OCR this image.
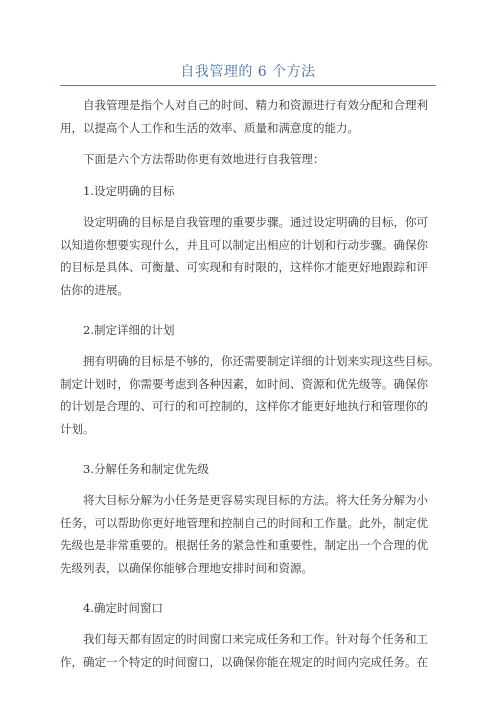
自我管理的 6 个方法
自我管理是指个人对自己的时间、精力和资源进行有效分配和合理利
用，以提高个人工作和生活的效率、质量和满意度的能力。
下面是六个方法帮助你更有效地进行自我管理：
1.设定明确的目标
设定明确的目标是自我管理的重要步骤。通过设定明确的目标，你可
以知道你想要实现什么，并且可以制定出相应的计划和行动步骤。确保你
的目标是具体、可衡量、可实现和有时限的，这样你才能更好地跟踪和评
估你的进展。
2.制定详细的计划
拥有明确的目标是不够的，你还需要制定详细的计划来实现这些目标。
制定计划时，你需要考虑到各种因素，如时间、资源和优先级等。确保你
的计划是合理的、可行的和可控制的，这样你才能更好地执行和管理你的
计划。
3.分解任务和制定优先级
将大目标分解为小任务是更容易实现目标的方法。将大任务分解为小
任务，可以帮助你更好地管理和控制自己的时间和工作量。此外，制定优
先级也是非常重要的。根据任务的紧急性和重要性，制定出一个合理的优
先级列表，以确保你能够合理地安排时间和资源。
4.确定时间窗口
我们每天都有固定的时间窗口来完成任务和工作。针对每个任务和工
作，确定一个特定的时间窗口，以确保你能在规定的时间内完成任务。在
